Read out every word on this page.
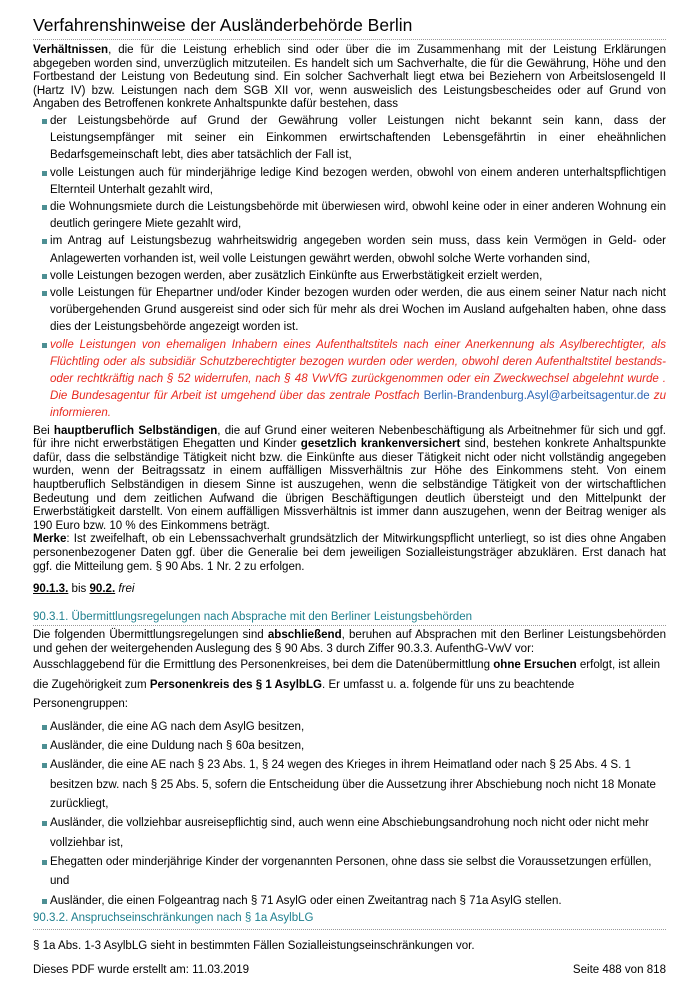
Verfahrenshinweise der Ausländerbehörde Berlin
Verhältnissen, die für die Leistung erheblich sind oder über die im Zusammenhang mit der Leistung Erklärungen abgegeben worden sind, unverzüglich mitzuteilen. Es handelt sich um Sachverhalte, die für die Gewährung, Höhe und den Fortbestand der Leistung von Bedeutung sind. Ein solcher Sachverhalt liegt etwa bei Beziehern von Arbeitslosengeld II (Hartz IV) bzw. Leistungen nach dem SGB XII vor, wenn ausweislich des Leistungsbescheides oder auf Grund von Angaben des Betroffenen konkrete Anhaltspunkte dafür bestehen, dass
der Leistungsbehörde auf Grund der Gewährung voller Leistungen nicht bekannt sein kann, dass der Leistungsempfänger mit seiner ein Einkommen erwirtschaftenden Lebensgefährtin in einer eheähnlichen Bedarfsgemeinschaft lebt, dies aber tatsächlich der Fall ist,
volle Leistungen auch für minderjährige ledige Kind bezogen werden, obwohl von einem anderen unterhaltspflichtigen Elternteil Unterhalt gezahlt wird,
die Wohnungsmiete durch die Leistungsbehörde mit überwiesen wird, obwohl keine oder in einer anderen Wohnung ein deutlich geringere Miete gezahlt wird,
im Antrag auf Leistungsbezug wahrheitswidrig angegeben worden sein muss, dass kein Vermögen in Geld- oder Anlagewerten vorhanden ist, weil volle Leistungen gewährt werden, obwohl solche Werte vorhanden sind,
volle Leistungen bezogen werden, aber zusätzlich Einkünfte aus Erwerbstätigkeit erzielt werden,
volle Leistungen für Ehepartner und/oder Kinder bezogen wurden oder werden, die aus einem seiner Natur nach nicht vorübergehenden Grund ausgereist sind oder sich für mehr als drei Wochen im Ausland aufgehalten haben, ohne dass dies der Leistungsbehörde angezeigt worden ist.
volle Leistungen von ehemaligen Inhabern eines Aufenthaltstitels nach einer Anerkennung als Asylberechtigter, als Flüchtling oder als subsidiär Schutzberechtigter bezogen wurden oder werden, obwohl deren Aufenthaltstitel bestands- oder rechtkräftig nach § 52 widerrufen, nach § 48 VwVfG zurückgenommen oder ein Zweckwechsel abgelehnt wurde . Die Bundesagentur für Arbeit ist umgehend über das zentrale Postfach Berlin-Brandenburg.Asyl@arbeitsagentur.de zu informieren.
Bei hauptberuflich Selbständigen, die auf Grund einer weiteren Nebenbeschäftigung als Arbeitnehmer für sich und ggf. für ihre nicht erwerbstätigen Ehegatten und Kinder gesetzlich krankenversichert sind, bestehen konkrete Anhaltspunkte dafür, dass die selbständige Tätigkeit nicht bzw. die Einkünfte aus dieser Tätigkeit nicht oder nicht vollständig angegeben wurden, wenn der Beitragssatz in einem auffälligen Missverhältnis zur Höhe des Einkommens steht. Von einem hauptberuflich Selbständigen in diesem Sinne ist auszugehen, wenn die selbständige Tätigkeit von der wirtschaftlichen Bedeutung und dem zeitlichen Aufwand die übrigen Beschäftigungen deutlich übersteigt und den Mittelpunkt der Erwerbstätigkeit darstellt. Von einem auffälligen Missverhältnis ist immer dann auszugehen, wenn der Beitrag weniger als 190 Euro bzw. 10 % des Einkommens beträgt.
Merke: Ist zweifelhaft, ob ein Lebenssachverhalt grundsätzlich der Mitwirkungspflicht unterliegt, so ist dies ohne Angaben personenbezogener Daten ggf. über die Generalie bei dem jeweiligen Sozialleistungsträger abzuklären. Erst danach hat ggf. die Mitteilung gem. § 90 Abs. 1 Nr. 2 zu erfolgen.
90.1.3. bis 90.2. frei
90.3.1. Übermittlungsregelungen nach Absprache mit den Berliner Leistungsbehörden
Die folgenden Übermittlungsregelungen sind abschließend, beruhen auf Absprachen mit den Berliner Leistungsbehörden und gehen der weitergehenden Auslegung des § 90 Abs. 3 durch Ziffer 90.3.3. AufenthG-VwV vor:
Ausschlaggebend für die Ermittlung des Personenkreises, bei dem die Datenübermittlung ohne Ersuchen erfolgt, ist allein die Zugehörigkeit zum Personenkreis des § 1 AsylbLG. Er umfasst u. a. folgende für uns zu beachtende Personengruppen:
Ausländer, die eine AG nach dem AsylG besitzen,
Ausländer, die eine Duldung nach § 60a besitzen,
Ausländer, die eine AE nach § 23 Abs. 1, § 24 wegen des Krieges in ihrem Heimatland oder nach § 25 Abs. 4 S. 1 besitzen bzw. nach § 25 Abs. 5, sofern die Entscheidung über die Aussetzung ihrer Abschiebung noch nicht 18 Monate zurückliegt,
Ausländer, die vollziehbar ausreisepflichtig sind, auch wenn eine Abschiebungsandrohung noch nicht oder nicht mehr vollziehbar ist,
Ehegatten oder minderjährige Kinder der vorgenannten Personen, ohne dass sie selbst die Voraussetzungen erfüllen, und
Ausländer, die einen Folgeantrag nach § 71 AsylG oder einen Zweitantrag nach § 71a AsylG stellen.
90.3.2. Anspruchseinschränkungen nach § 1a AsylbLG
§ 1a Abs. 1-3 AsylbLG sieht in bestimmten Fällen Sozialleistungseinschränkungen vor.
Dieses PDF wurde erstellt am: 11.03.2019	Seite 488 von 818
